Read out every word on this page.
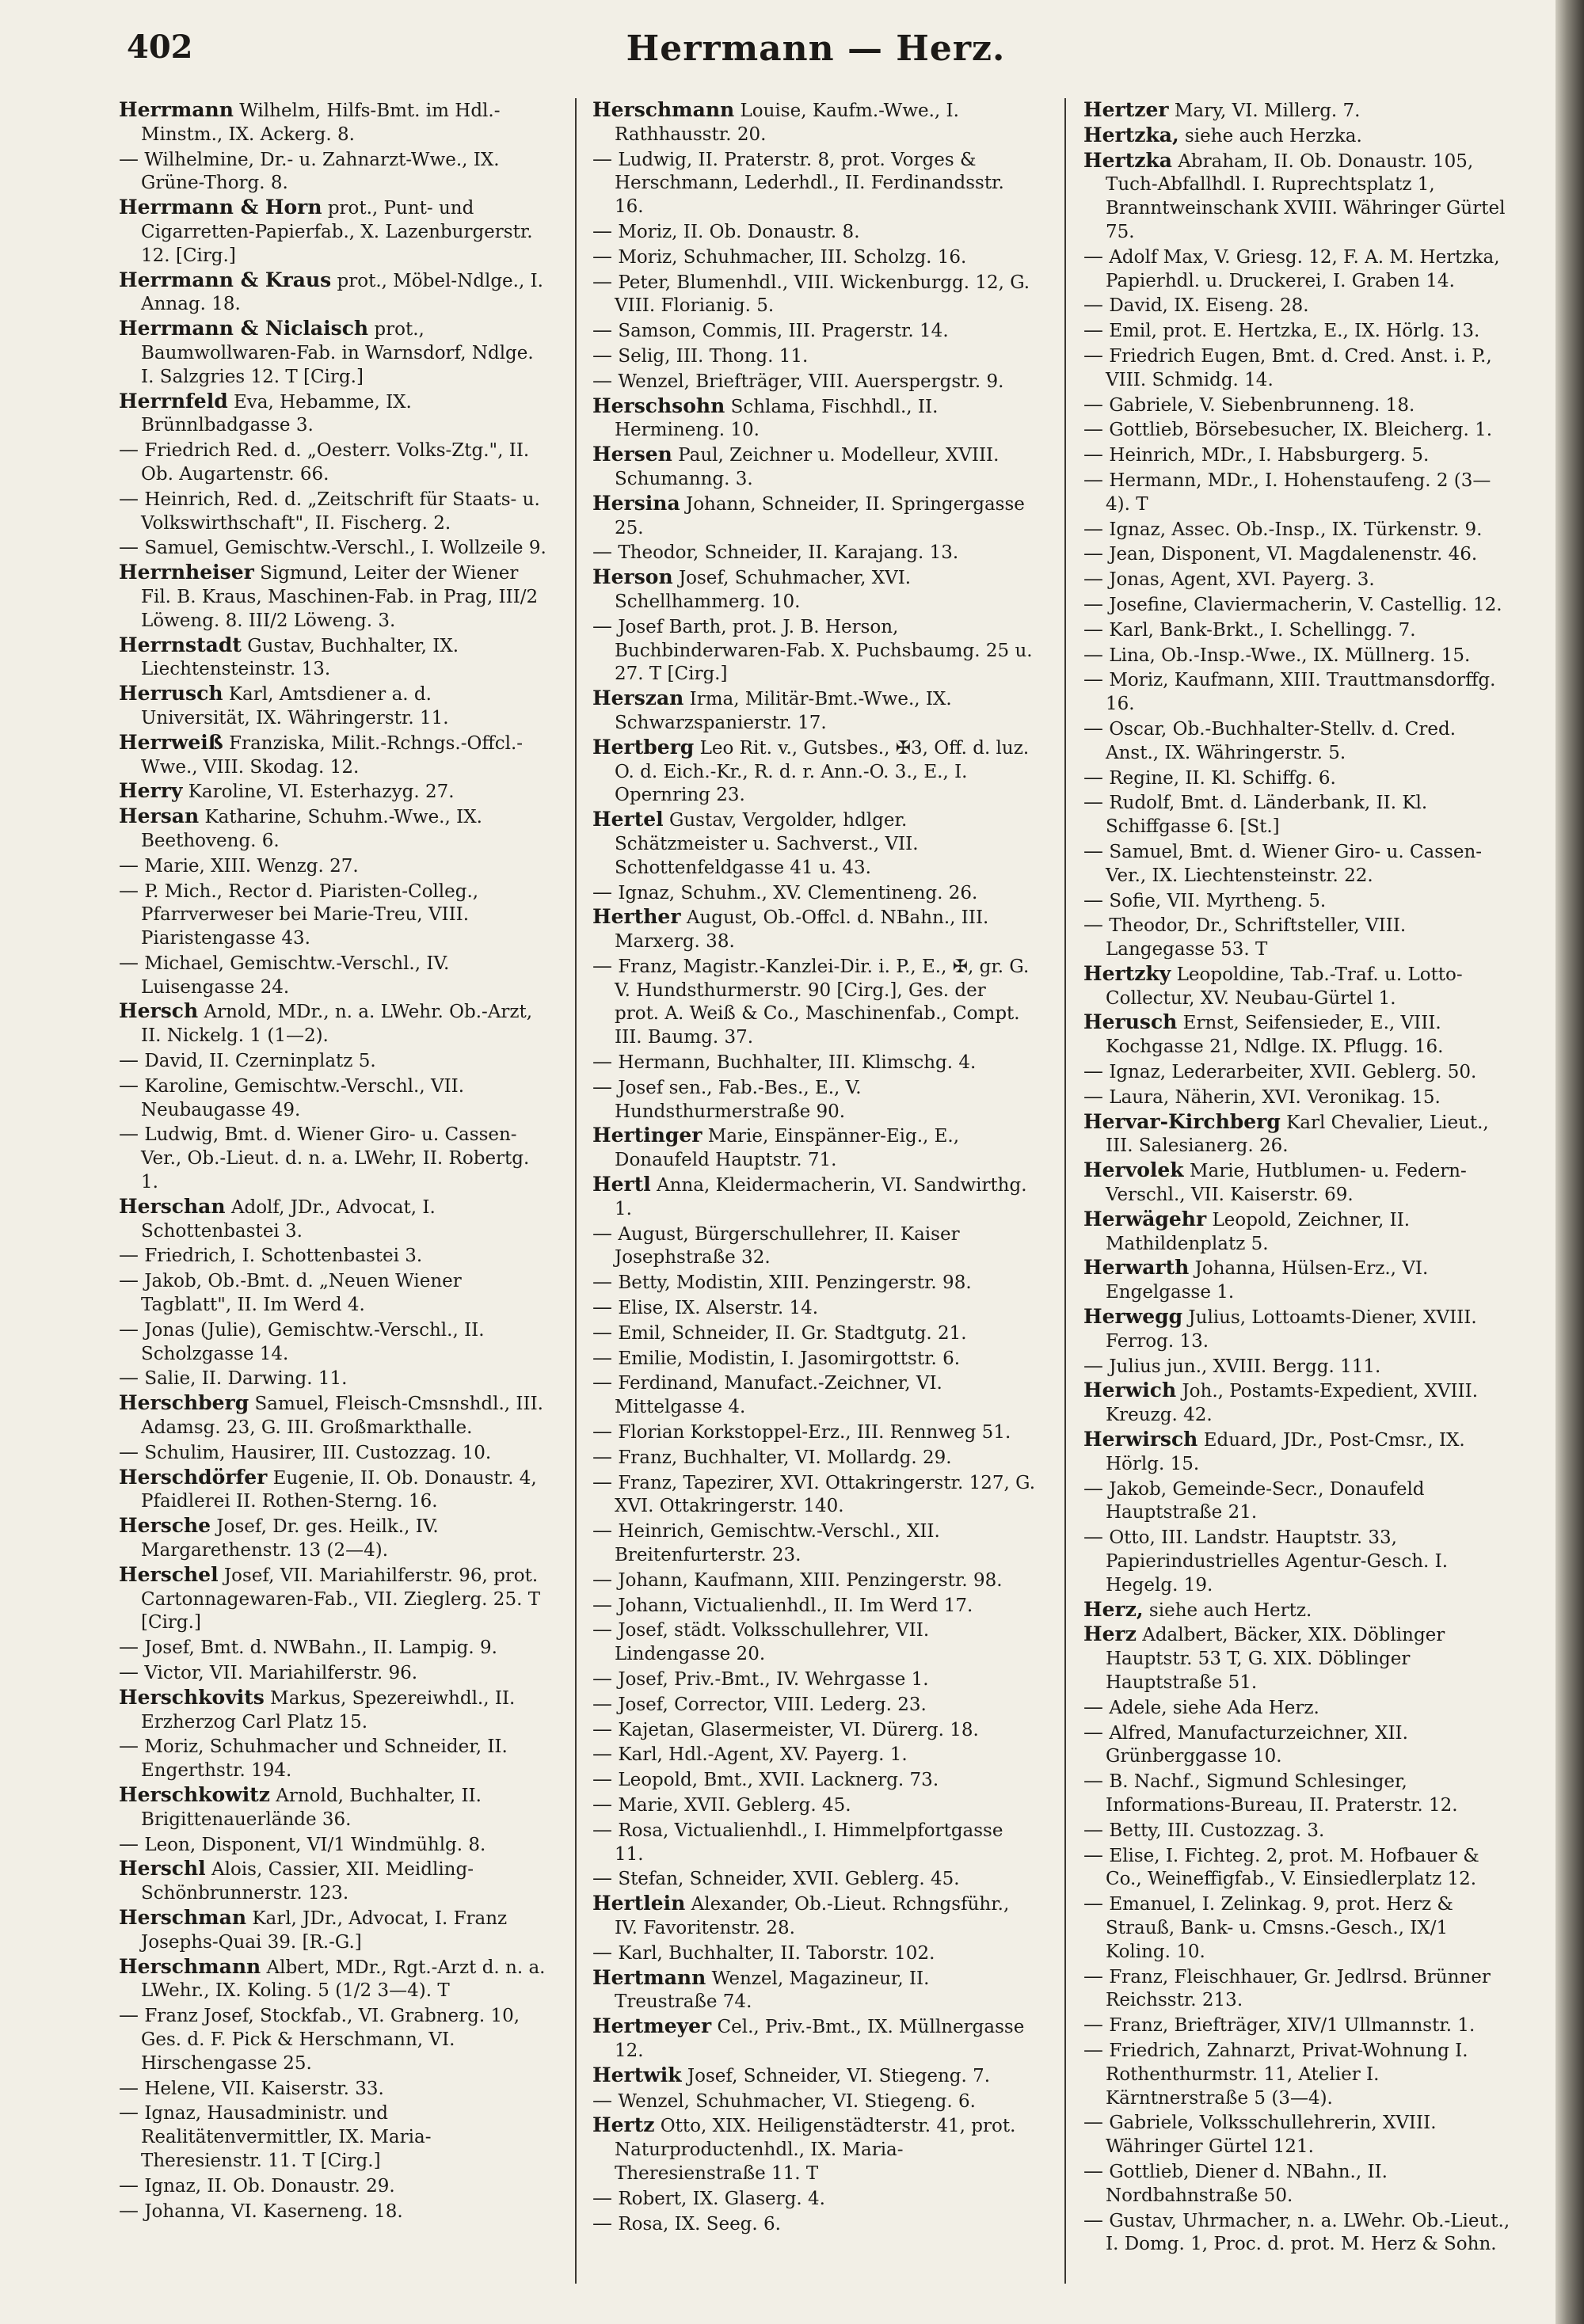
402	Herrmann — Herz.

Herrmann Wilhelm, Hilfs-Bmt. im Hdl.-Minstm., IX. Ackerg. 8.

— Wilhelmine, Dr.- u. Zahnarzt-Wwe., IX. Grüne-Thorg. 8.

Herrmann & Horn prot., Punt- und Cigarretten-Papierfab., X. Lazenburgerstr. 12. [Cirg.]

Herrmann & Kraus prot., Möbel-Ndlge., I. Annag. 18.

Herrmann & Niclaisch prot., Baumwollwaren-Fab. in Warnsdorf, Ndlge. I. Salzgries 12. T [Cirg.]

Herrnfeld Eva, Hebamme, IX. Brünnlbadgasse 3.

— Friedrich Red. d. „Oesterr. Volks-Ztg.", II. Ob. Augartenstr. 66.

— Heinrich, Red. d. „Zeitschrift für Staats- u. Volkswirthschaft", II. Fischerg. 2.

— Samuel, Gemischtw.-Verschl., I. Wollzeile 9.

Herrnheiser Sigmund, Leiter der Wiener Fil. B. Kraus, Maschinen-Fab. in Prag, III/2 Löweng. 8. III/2 Löweng. 3.

Herrnstadt Gustav, Buchhalter, IX. Liechtensteinstr. 13.

Herrusch Karl, Amtsdiener a. d. Universität, IX. Währingerstr. 11.

Herrweiß Franziska, Milit.-Rchngs.-Offcl.-Wwe., VIII. Skodag. 12.

Herry Karoline, VI. Esterhazyg. 27.

Hersan Katharine, Schuhm.-Wwe., IX. Beethoveng. 6.

— Marie, XIII. Wenzg. 27.

— P. Mich., Rector d. Piaristen-Colleg., Pfarrverweser bei Marie-Treu, VIII. Piaristengasse 43.

— Michael, Gemischtw.-Verschl., IV. Luisengasse 24.

Hersch Arnold, MDr., n. a. LWehr. Ob.-Arzt, II. Nickelg. 1 (1—2).

— David, II. Czerninplatz 5.

— Karoline, Gemischtw.-Verschl., VII. Neubaugasse 49.

— Ludwig, Bmt. d. Wiener Giro- u. Cassen-Ver., Ob.-Lieut. d. n. a. LWehr, II. Robertg. 1.

Herschan Adolf, JDr., Advocat, I. Schottenbastei 3.

— Friedrich, I. Schottenbastei 3.

— Jakob, Ob.-Bmt. d. „Neuen Wiener Tagblatt", II. Im Werd 4.

— Jonas (Julie), Gemischtw.-Verschl., II. Scholzgasse 14.

— Salie, II. Darwing. 11.

Herschberg Samuel, Fleisch-Cmsnshdl., III. Adamsg. 23, G. III. Großmarkthalle.

— Schulim, Hausirer, III. Custozzag. 10.

Herschdörfer Eugenie, II. Ob. Donaustr. 4, Pfaidlerei II. Rothen-Sterng. 16.

Hersche Josef, Dr. ges. Heilk., IV. Margarethenstr. 13 (2—4).

Herschel Josef, VII. Mariahilferstr. 96, prot. Cartonnagewaren-Fab., VII. Zieglerg. 25. T [Cirg.]

— Josef, Bmt. d. NWBahn., II. Lampig. 9.

— Victor, VII. Mariahilferstr. 96.

Herschkovits Markus, Spezereiwhdl., II. Erzherzog Carl Platz 15.

— Moriz, Schuhmacher und Schneider, II. Engerthstr. 194.

Herschkowitz Arnold, Buchhalter, II. Brigittenauerlände 36.

— Leon, Disponent, VI/1 Windmühlg. 8.

Herschl Alois, Cassier, XII. Meidling-Schönbrunnerstr. 123.

Herschman Karl, JDr., Advocat, I. Franz Josephs-Quai 39. [R.-G.]

Herschmann Albert, MDr., Rgt.-Arzt d. n. a. LWehr., IX. Koling. 5 (1/2 3—4). T

— Franz Josef, Stockfab., VI. Grabnerg. 10, Ges. d. F. Pick & Herschmann, VI. Hirschengasse 25.

— Helene, VII. Kaiserstr. 33.

— Ignaz, Hausadministr. und Realitätenvermittler, IX. Maria-Theresienstr. 11. T [Cirg.]

— Ignaz, II. Ob. Donaustr. 29.

— Johanna, VI. Kaserneng. 18.

Herschmann Louise, Kaufm.-Wwe., I. Rathhausstr. 20.

— Ludwig, II. Praterstr. 8, prot. Vorges & Herschmann, Lederhdl., II. Ferdinandsstr. 16.

— Moriz, II. Ob. Donaustr. 8.

— Moriz, Schuhmacher, III. Scholzg. 16.

— Peter, Blumenhdl., VIII. Wickenburgg. 12, G. VIII. Florianig. 5.

— Samson, Commis, III. Pragerstr. 14.

— Selig, III. Thong. 11.

— Wenzel, Briefträger, VIII. Auerspergstr. 9.

Herschsohn Schlama, Fischhdl., II. Hermineng. 10.

Hersen Paul, Zeichner u. Modelleur, XVIII. Schumanng. 3.

Hersina Johann, Schneider, II. Springergasse 25.

— Theodor, Schneider, II. Karajang. 13.

Herson Josef, Schuhmacher, XVI. Schellhammerg. 10.

— Josef Barth, prot. J. B. Herson, Buchbinderwaren-Fab. X. Puchsbaumg. 25 u. 27. T [Cirg.]

Herszan Irma, Militär-Bmt.-Wwe., IX. Schwarzspanierstr. 17.

Hertberg Leo Rit. v., Gutsbes., ✠3, Off. d. luz. O. d. Eich.-Kr., R. d. r. Ann.-O. 3., E., I. Opernring 23.

Hertel Gustav, Vergolder, hdlger. Schätzmeister u. Sachverst., VII. Schottenfeldgasse 41 u. 43.

— Ignaz, Schuhm., XV. Clementineng. 26.

Herther August, Ob.-Offcl. d. NBahn., III. Marxerg. 38.

— Franz, Magistr.-Kanzlei-Dir. i. P., E., ✠, gr. G. V. Hundsthurmerstr. 90 [Cirg.], Ges. der prot. A. Weiß & Co., Maschinenfab., Compt. III. Baumg. 37.

— Hermann, Buchhalter, III. Klimschg. 4.

— Josef sen., Fab.-Bes., E., V. Hundsthurmerstraße 90.

Hertinger Marie, Einspänner-Eig., E., Donaufeld Hauptstr. 71.

Hertl Anna, Kleidermacherin, VI. Sandwirthg. 1.

— August, Bürgerschullehrer, II. Kaiser Josephstraße 32.

— Betty, Modistin, XIII. Penzingerstr. 98.

— Elise, IX. Alserstr. 14.

— Emil, Schneider, II. Gr. Stadtgutg. 21.

— Emilie, Modistin, I. Jasomirgottstr. 6.

— Ferdinand, Manufact.-Zeichner, VI. Mittelgasse 4.

— Florian Korkstoppel-Erz., III. Rennweg 51.

— Franz, Buchhalter, VI. Mollardg. 29.

— Franz, Tapezirer, XVI. Ottakringerstr. 127, G. XVI. Ottakringerstr. 140.

— Heinrich, Gemischtw.-Verschl., XII. Breitenfurterstr. 23.

— Johann, Kaufmann, XIII. Penzingerstr. 98.

— Johann, Victualienhdl., II. Im Werd 17.

— Josef, städt. Volksschullehrer, VII. Lindengasse 20.

— Josef, Priv.-Bmt., IV. Wehrgasse 1.

— Josef, Corrector, VIII. Lederg. 23.

— Kajetan, Glasermeister, VI. Dürerg. 18.

— Karl, Hdl.-Agent, XV. Payerg. 1.

— Leopold, Bmt., XVII. Lacknerg. 73.

— Marie, XVII. Geblerg. 45.

— Rosa, Victualienhdl., I. Himmelpfortgasse 11.

— Stefan, Schneider, XVII. Geblerg. 45.

Hertlein Alexander, Ob.-Lieut. Rchngsführ., IV. Favoritenstr. 28.

— Karl, Buchhalter, II. Taborstr. 102.

Hertmann Wenzel, Magazineur, II. Treustraße 74.

Hertmeyer Cel., Priv.-Bmt., IX. Müllnergasse 12.

Hertwik Josef, Schneider, VI. Stiegeng. 7.

— Wenzel, Schuhmacher, VI. Stiegeng. 6.

Hertz Otto, XIX. Heiligenstädterstr. 41, prot. Naturproductenhdl., IX. Maria-Theresienstraße 11. T

— Robert, IX. Glaserg. 4.

— Rosa, IX. Seeg. 6.

Hertzer Mary, VI. Millerg. 7.

Hertzka, siehe auch Herzka.

Hertzka Abraham, II. Ob. Donaustr. 105, Tuch-Abfallhdl. I. Ruprechtsplatz 1, Branntweinschank XVIII. Währinger Gürtel 75.

— Adolf Max, V. Griesg. 12, F. A. M. Hertzka, Papierhdl. u. Druckerei, I. Graben 14.

— David, IX. Eiseng. 28.

— Emil, prot. E. Hertzka, E., IX. Hörlg. 13.

— Friedrich Eugen, Bmt. d. Cred. Anst. i. P., VIII. Schmidg. 14.

— Gabriele, V. Siebenbrunneng. 18.

— Gottlieb, Börsebesucher, IX. Bleicherg. 1.

— Heinrich, MDr., I. Habsburgerg. 5.

— Hermann, MDr., I. Hohenstaufeng. 2 (3—4). T

— Ignaz, Assec. Ob.-Insp., IX. Türkenstr. 9.

— Jean, Disponent, VI. Magdalenenstr. 46.

— Jonas, Agent, XVI. Payerg. 3.

— Josefine, Claviermacherin, V. Castellig. 12.

— Karl, Bank-Brkt., I. Schellingg. 7.

— Lina, Ob.-Insp.-Wwe., IX. Müllnerg. 15.

— Moriz, Kaufmann, XIII. Trauttmansdorffg. 16.

— Oscar, Ob.-Buchhalter-Stellv. d. Cred. Anst., IX. Währingerstr. 5.

— Regine, II. Kl. Schiffg. 6.

— Rudolf, Bmt. d. Länderbank, II. Kl. Schiffgasse 6. [St.]

— Samuel, Bmt. d. Wiener Giro- u. Cassen-Ver., IX. Liechtensteinstr. 22.

— Sofie, VII. Myrtheng. 5.

— Theodor, Dr., Schriftsteller, VIII. Langegasse 53. T

Hertzky Leopoldine, Tab.-Traf. u. Lotto-Collectur, XV. Neubau-Gürtel 1.

Herusch Ernst, Seifensieder, E., VIII. Kochgasse 21, Ndlge. IX. Pflugg. 16.

— Ignaz, Lederarbeiter, XVII. Geblerg. 50.

— Laura, Näherin, XVI. Veronikag. 15.

Hervar-Kirchberg Karl Chevalier, Lieut., III. Salesianerg. 26.

Hervolek Marie, Hutblumen- u. Federn-Verschl., VII. Kaiserstr. 69.

Herwägehr Leopold, Zeichner, II. Mathildenplatz 5.

Herwarth Johanna, Hülsen-Erz., VI. Engelgasse 1.

Herwegg Julius, Lottoamts-Diener, XVIII. Ferrog. 13.

— Julius jun., XVIII. Bergg. 111.

Herwich Joh., Postamts-Expedient, XVIII. Kreuzg. 42.

Herwirsch Eduard, JDr., Post-Cmsr., IX. Hörlg. 15.

— Jakob, Gemeinde-Secr., Donaufeld Hauptstraße 21.

— Otto, III. Landstr. Hauptstr. 33, Papierindustrielles Agentur-Gesch. I. Hegelg. 19.

Herz, siehe auch Hertz.

Herz Adalbert, Bäcker, XIX. Döblinger Hauptstr. 53 T, G. XIX. Döblinger Hauptstraße 51.

— Adele, siehe Ada Herz.

— Alfred, Manufacturzeichner, XII. Grünberggasse 10.

— B. Nachf., Sigmund Schlesinger, Informations-Bureau, II. Praterstr. 12.

— Betty, III. Custozzag. 3.

— Elise, I. Fichteg. 2, prot. M. Hofbauer & Co., Weineffigfab., V. Einsiedlerplatz 12.

— Emanuel, I. Zelinkag. 9, prot. Herz & Strauß, Bank- u. Cmsns.-Gesch., IX/1 Koling. 10.

— Franz, Fleischhauer, Gr. Jedlrsd. Brünner Reichsstr. 213.

— Franz, Briefträger, XIV/1 Ullmannstr. 1.

— Friedrich, Zahnarzt, Privat-Wohnung I. Rothenthurmstr. 11, Atelier I. Kärntnerstraße 5 (3—4).

— Gabriele, Volksschullehrerin, XVIII. Währinger Gürtel 121.

— Gottlieb, Diener d. NBahn., II. Nordbahnstraße 50.

— Gustav, Uhrmacher, n. a. LWehr. Ob.-Lieut., I. Domg. 1, Proc. d. prot. M. Herz & Sohn.
